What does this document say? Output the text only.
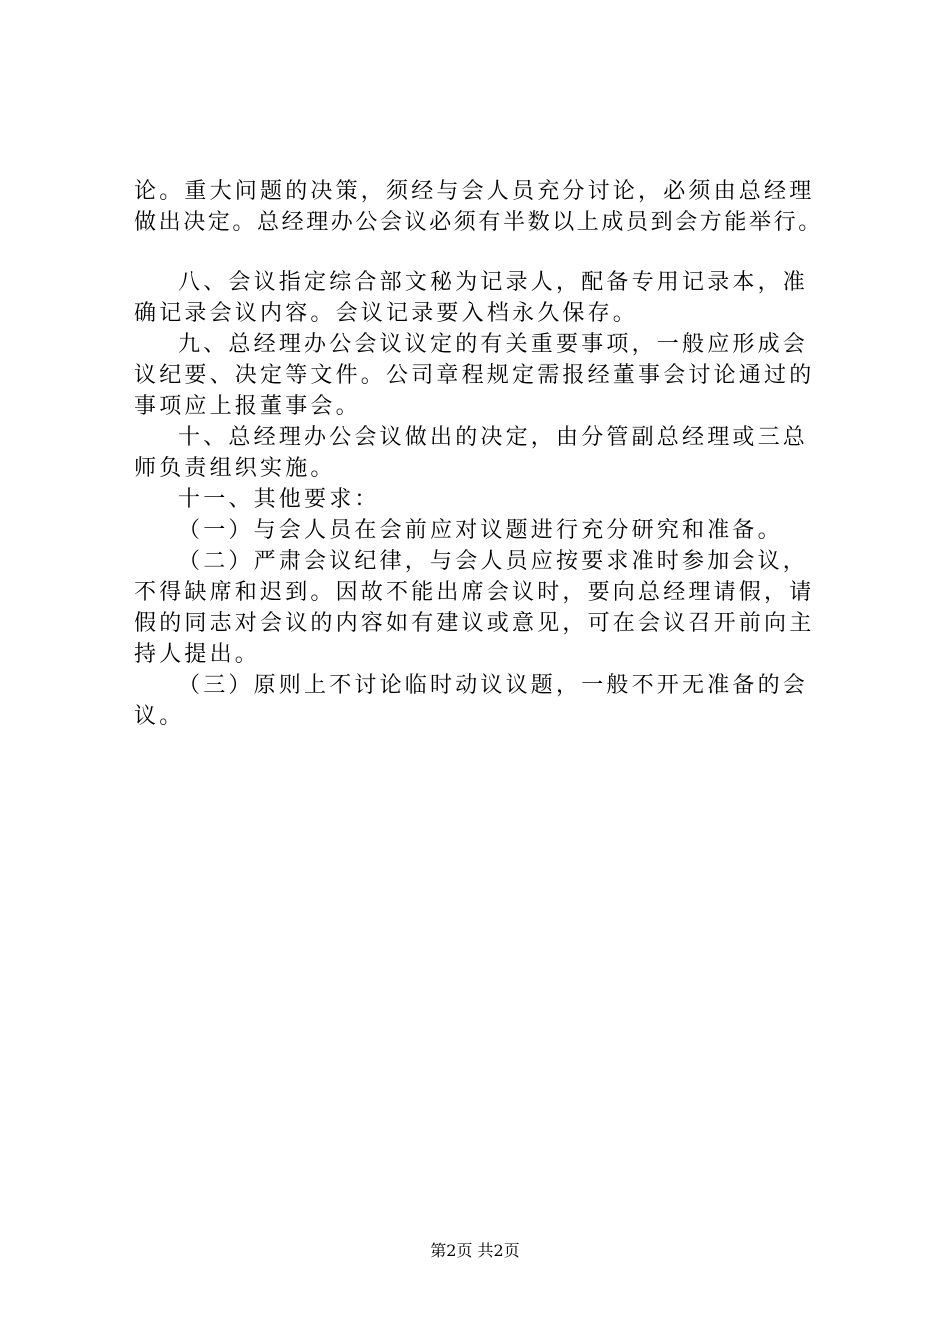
论。重大问题的决策，须经与会人员充分讨论，必须由总经理
做出决定。总经理办公会议必须有半数以上成员到会方能举行。
八、会议指定综合部文秘为记录人，配备专用记录本，准
确记录会议内容。会议记录要入档永久保存。
九、总经理办公会议议定的有关重要事项，一般应形成会
议纪要、决定等文件。公司章程规定需报经董事会讨论通过的
事项应上报董事会。
十、总经理办公会议做出的决定，由分管副总经理或三总
师负责组织实施。
十一、其他要求：
（一）与会人员在会前应对议题进行充分研究和准备。
（二）严肃会议纪律，与会人员应按要求准时参加会议，
不得缺席和迟到。因故不能出席会议时，要向总经理请假，请
假的同志对会议的内容如有建议或意见，可在会议召开前向主
持人提出。
（三）原则上不讨论临时动议议题，一般不开无准备的会
议。
第2页 共2页
